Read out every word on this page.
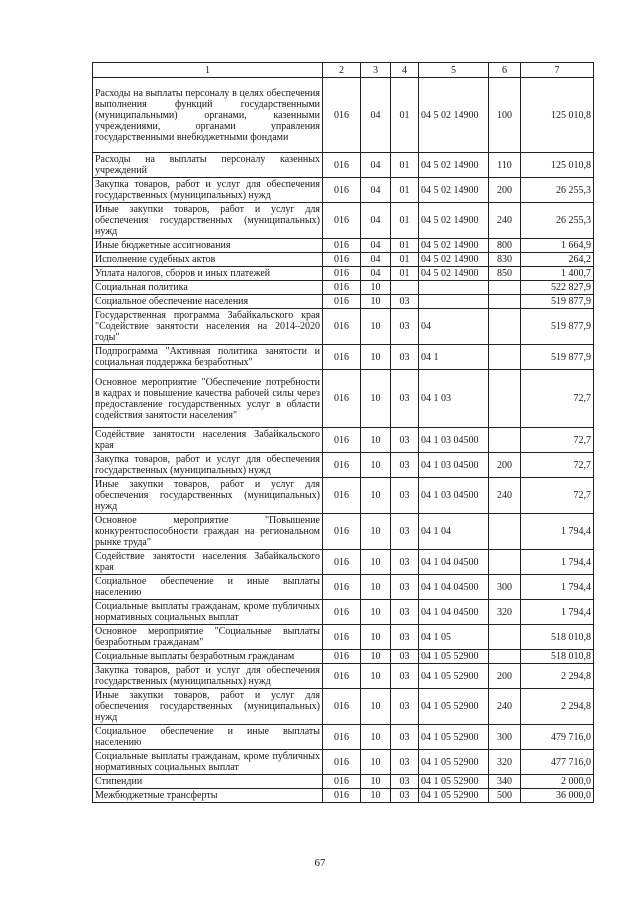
1	2	3	4	5	6	7
Расходы на выплаты персоналу в целях обеспечения выполнения функций государственными (муниципальными) органами, казенными учреждениями, органами управления государственными внебюджетными фондами	016	04	01	04 5 02 14900	100	125 010,8
Расходы на выплаты персоналу казенных учреждений	016	04	01	04 5 02 14900	110	125 010,8
Закупка товаров, работ и услуг для обеспечения государственных (муниципальных) нужд	016	04	01	04 5 02 14900	200	26 255,3
Иные закупки товаров, работ и услуг для обеспечения государственных (муниципальных) нужд	016	04	01	04 5 02 14900	240	26 255,3
Иные бюджетные ассигнования	016	04	01	04 5 02 14900	800	1 664,9
Исполнение судебных актов	016	04	01	04 5 02 14900	830	264,2
Уплата налогов, сборов и иных платежей	016	04	01	04 5 02 14900	850	1 400,7
Социальная политика	016	10				522 827,9
Социальное обеспечение населения	016	10	03			519 877,9
Государственная программа Забайкальского края "Содействие занятости населения на 2014–2020 годы"	016	10	03	04		519 877,9
Подпрограмма "Активная политика занятости и социальная поддержка безработных"	016	10	03	04 1		519 877,9
Основное мероприятие "Обеспечение потребности в кадрах и повышение качества рабочей силы через предоставление государственных услуг в области содействия занятости населения"	016	10	03	04 1 03		72,7
Содействие занятости населения Забайкальского края	016	10	03	04 1 03 04500		72,7
Закупка товаров, работ и услуг для обеспечения государственных (муниципальных) нужд	016	10	03	04 1 03 04500	200	72,7
Иные закупки товаров, работ и услуг для обеспечения государственных (муниципальных) нужд	016	10	03	04 1 03 04500	240	72,7
Основное мероприятие "Повышение конкурентоспособности граждан на региональном рынке труда"	016	10	03	04 1 04		1 794,4
Содействие занятости населения Забайкальского края	016	10	03	04 1 04 04500		1 794,4
Социальное обеспечение и иные выплаты населению	016	10	03	04 1 04 04500	300	1 794,4
Социальные выплаты гражданам, кроме публичных нормативных социальных выплат	016	10	03	04 1 04 04500	320	1 794,4
Основное мероприятие "Социальные выплаты безработным гражданам"	016	10	03	04 1 05		518 010,8
Социальные выплаты безработным гражданам	016	10	03	04 1 05 52900		518 010,8
Закупка товаров, работ и услуг для обеспечения государственных (муниципальных) нужд	016	10	03	04 1 05 52900	200	2 294,8
Иные закупки товаров, работ и услуг для обеспечения государственных (муниципальных) нужд	016	10	03	04 1 05 52900	240	2 294,8
Социальное обеспечение и иные выплаты населению	016	10	03	04 1 05 52900	300	479 716,0
Социальные выплаты гражданам, кроме публичных нормативных социальных выплат	016	10	03	04 1 05 52900	320	477 716,0
Стипендии	016	10	03	04 1 05 52900	340	2 000,0
Межбюджетные трансферты	016	10	03	04 1 05 52900	500	36 000,0
67
